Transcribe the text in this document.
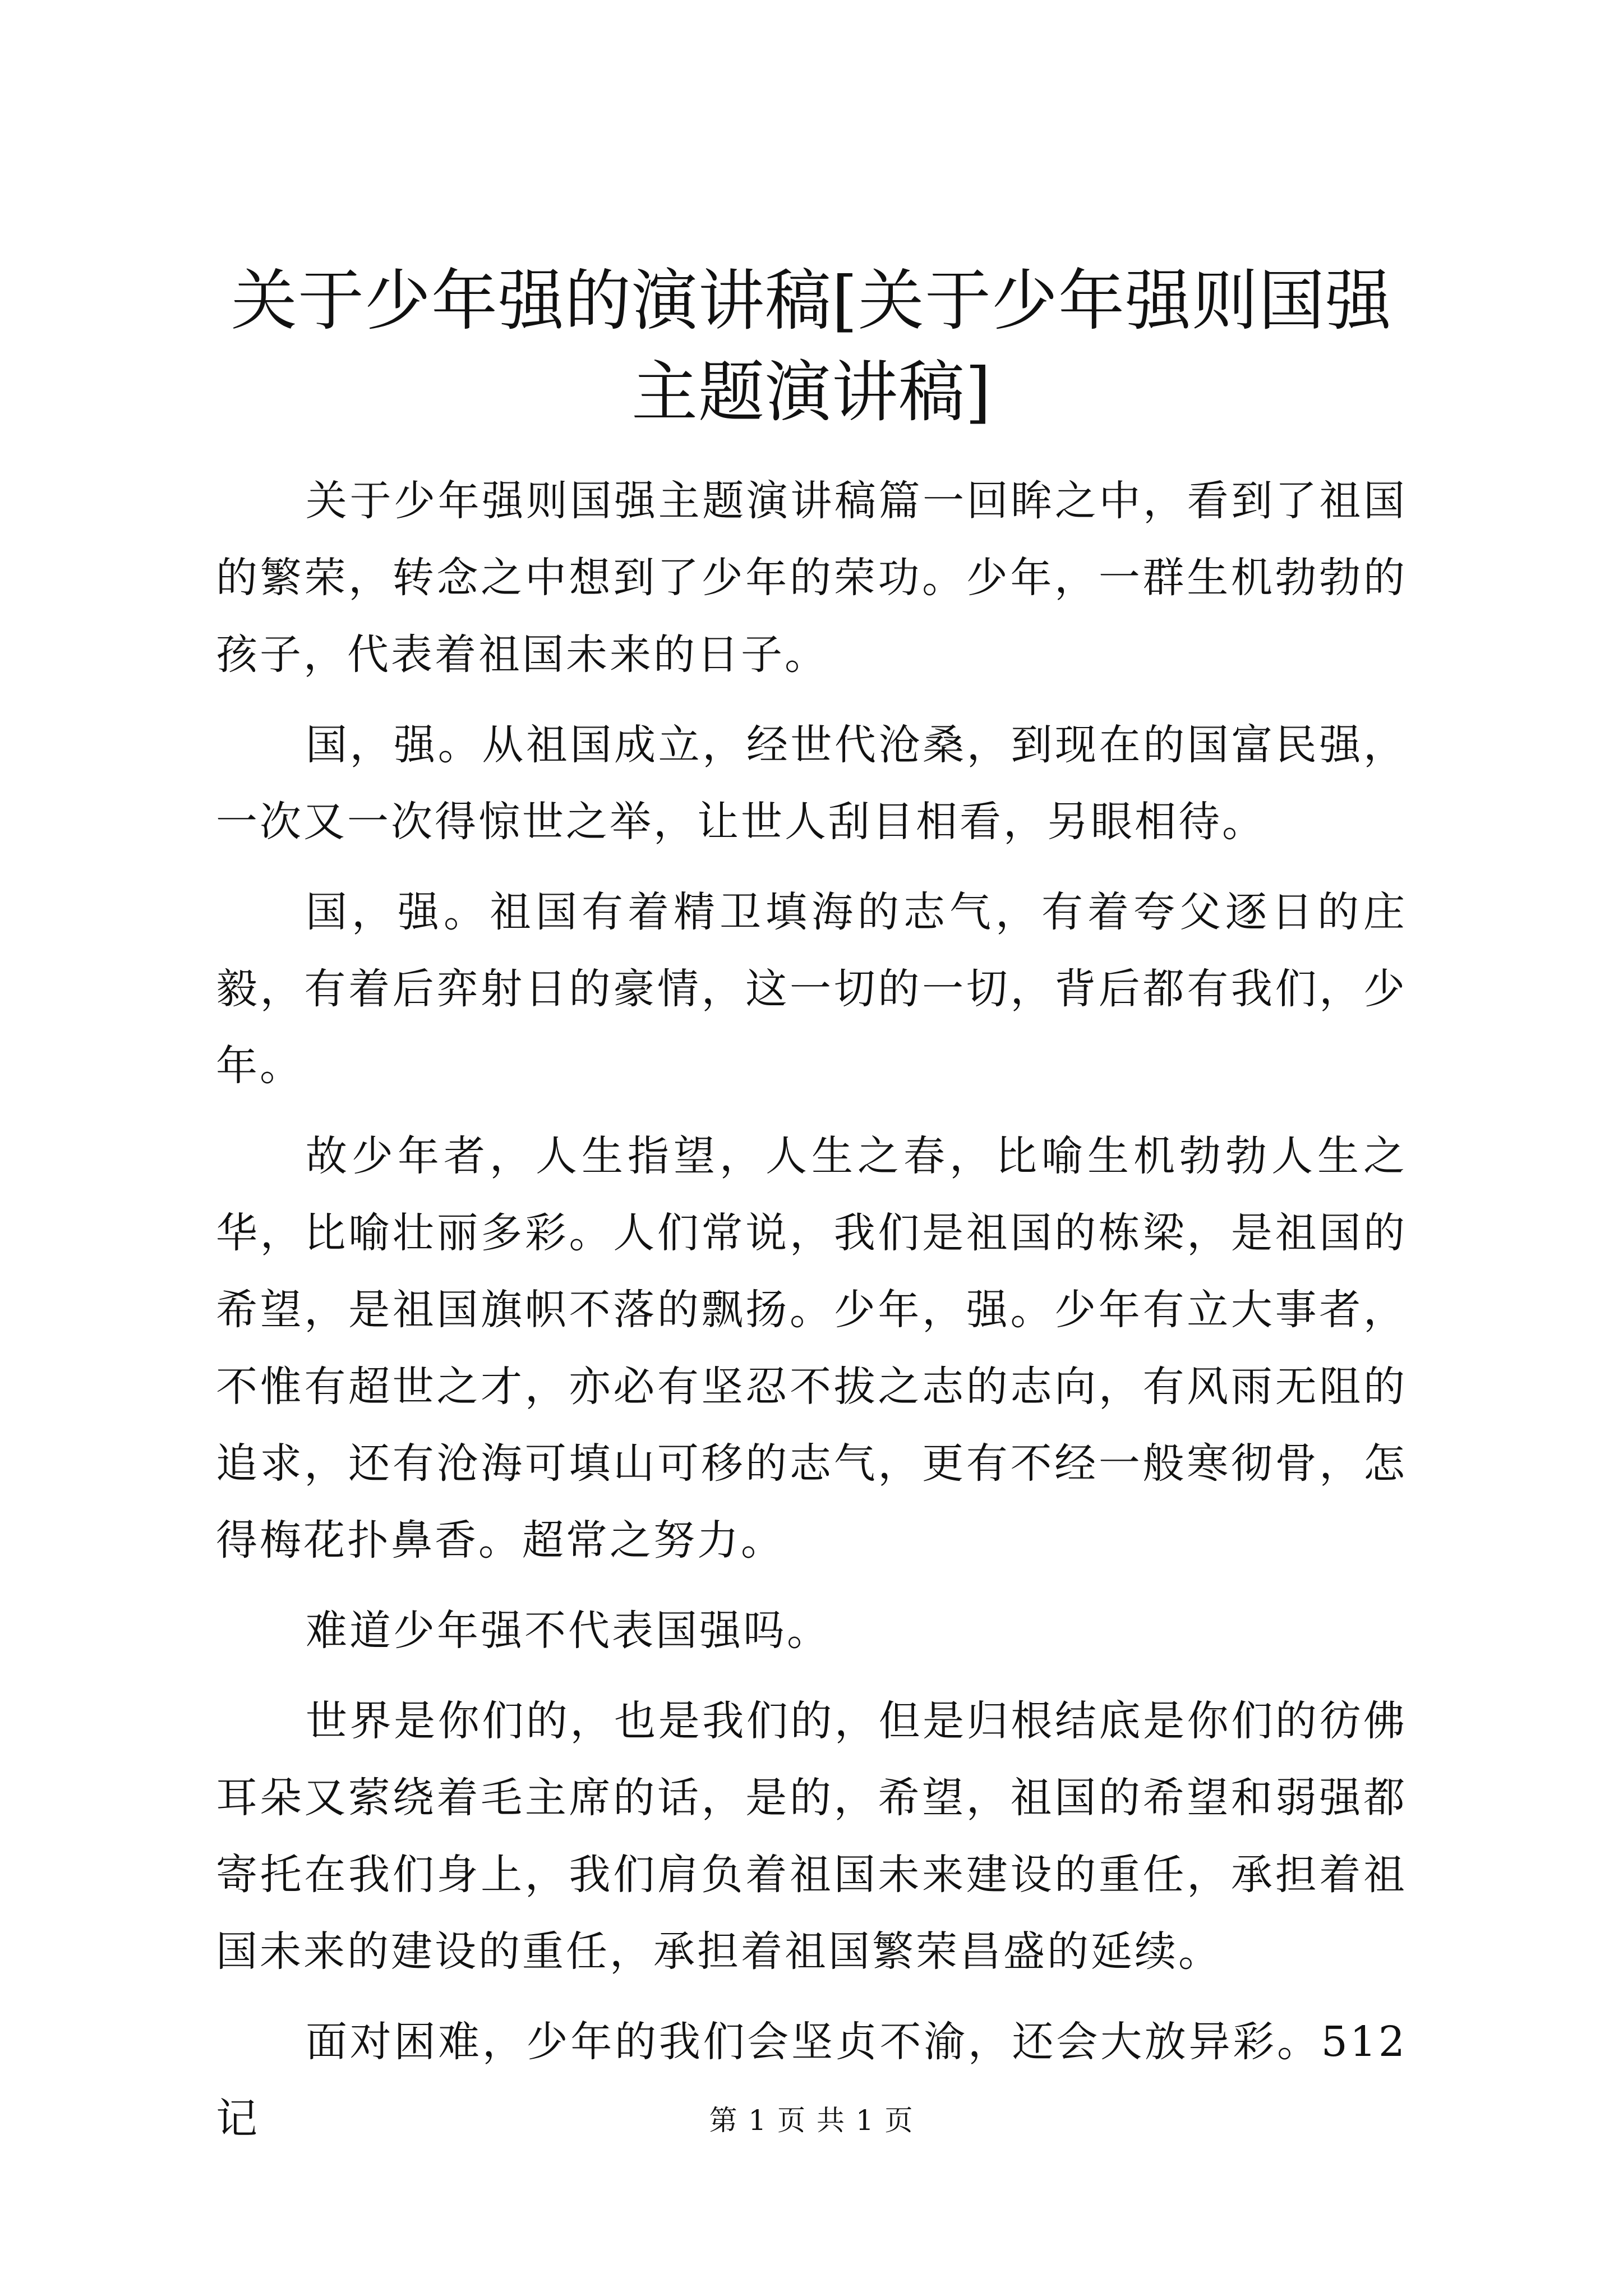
关于少年强的演讲稿[关于少年强则国强主题演讲稿]

关于少年强则国强主题演讲稿篇一回眸之中，看到了祖国的繁荣，转念之中想到了少年的荣功。少年，一群生机勃勃的孩子，代表着祖国未来的日子。

国，强。从祖国成立，经世代沧桑，到现在的国富民强，一次又一次得惊世之举，让世人刮目相看，另眼相待。

国，强。祖国有着精卫填海的志气，有着夸父逐日的庄毅，有着后弈射日的豪情，这一切的一切，背后都有我们，少年。

故少年者，人生指望，人生之春，比喻生机勃勃人生之华，比喻壮丽多彩。人们常说，我们是祖国的栋梁，是祖国的希望，是祖国旗帜不落的飘扬。少年，强。少年有立大事者，不惟有超世之才，亦必有坚忍不拔之志的志向，有风雨无阻的追求，还有沧海可填山可移的志气，更有不经一般寒彻骨，怎得梅花扑鼻香。超常之努力。

难道少年强不代表国强吗。

世界是你们的，也是我们的，但是归根结底是你们的彷佛耳朵又萦绕着毛主席的话，是的，希望，祖国的希望和弱强都寄托在我们身上，我们肩负着祖国未来建设的重任，承担着祖国未来的建设的重任，承担着祖国繁荣昌盛的延续。

面对困难，少年的我们会坚贞不渝，还会大放异彩。512 记	第 1 页 共 1 页
